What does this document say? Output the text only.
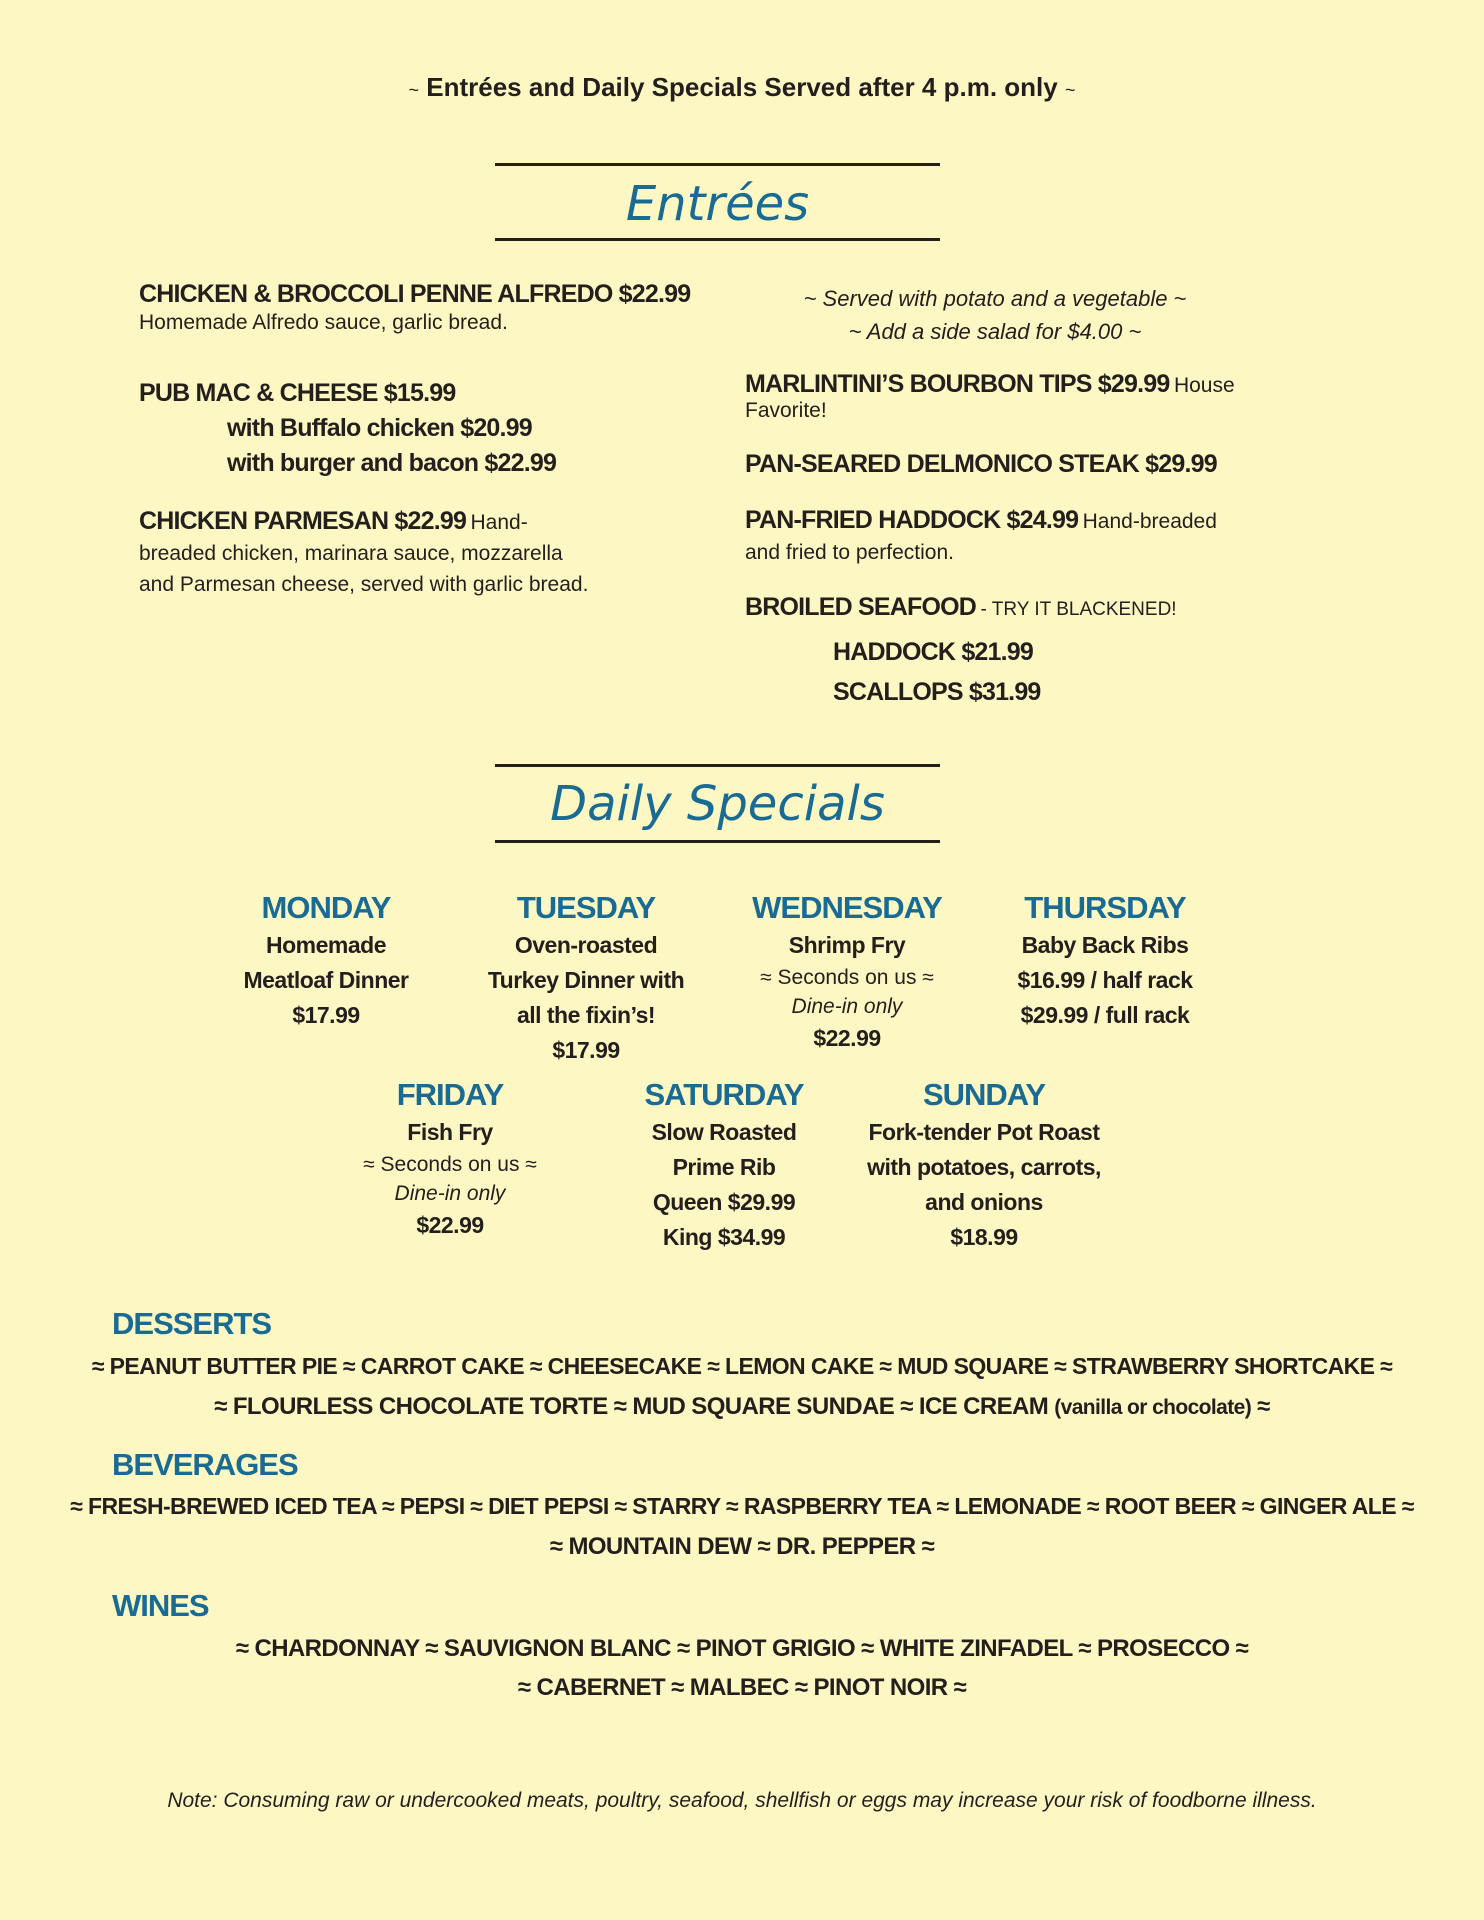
~ Entrées and Daily Specials Served after 4 p.m. only ~
Entrées
CHICKEN & BROCCOLI PENNE ALFREDO $22.99
Homemade Alfredo sauce, garlic bread.
PUB MAC & CHEESE $15.99
with Buffalo chicken $20.99
with burger and bacon $22.99
CHICKEN PARMESAN $22.99 Hand-breaded chicken, marinara sauce, mozzarella and Parmesan cheese, served with garlic bread.
~ Served with potato and a vegetable ~
~ Add a side salad for $4.00 ~
MARLINTINI’S BOURBON TIPS $29.99 House Favorite!
PAN-SEARED DELMONICO STEAK $29.99
PAN-FRIED HADDOCK $24.99 Hand-breaded and fried to perfection.
BROILED SEAFOOD - TRY IT BLACKENED!
HADDOCK $21.99
SCALLOPS $31.99
Daily Specials
MONDAY
Homemade
Meatloaf Dinner
$17.99
TUESDAY
Oven-roasted
Turkey Dinner with
all the fixin’s!
$17.99
WEDNESDAY
Shrimp Fry
≈ Seconds on us ≈
Dine-in only
$22.99
THURSDAY
Baby Back Ribs
$16.99 / half rack
$29.99 / full rack
FRIDAY
Fish Fry
≈ Seconds on us ≈
Dine-in only
$22.99
SATURDAY
Slow Roasted
Prime Rib
Queen $29.99
King $34.99
SUNDAY
Fork-tender Pot Roast
with potatoes, carrots,
and onions
$18.99
DESSERTS
≈ PEANUT BUTTER PIE ≈ CARROT CAKE ≈ CHEESECAKE ≈ LEMON CAKE ≈ MUD SQUARE ≈ STRAWBERRY SHORTCAKE ≈
≈ FLOURLESS CHOCOLATE TORTE ≈ MUD SQUARE SUNDAE ≈ ICE CREAM (vanilla or chocolate) ≈
BEVERAGES
≈ FRESH-BREWED ICED TEA ≈ PEPSI ≈ DIET PEPSI ≈ STARRY ≈ RASPBERRY TEA ≈ LEMONADE ≈ ROOT BEER ≈ GINGER ALE ≈
≈ MOUNTAIN DEW ≈ DR. PEPPER ≈
WINES
≈ CHARDONNAY ≈ SAUVIGNON BLANC ≈ PINOT GRIGIO ≈ WHITE ZINFADEL ≈ PROSECCO ≈
≈ CABERNET ≈ MALBEC ≈ PINOT NOIR ≈
Note: Consuming raw or undercooked meats, poultry, seafood, shellfish or eggs may increase your risk of foodborne illness.
